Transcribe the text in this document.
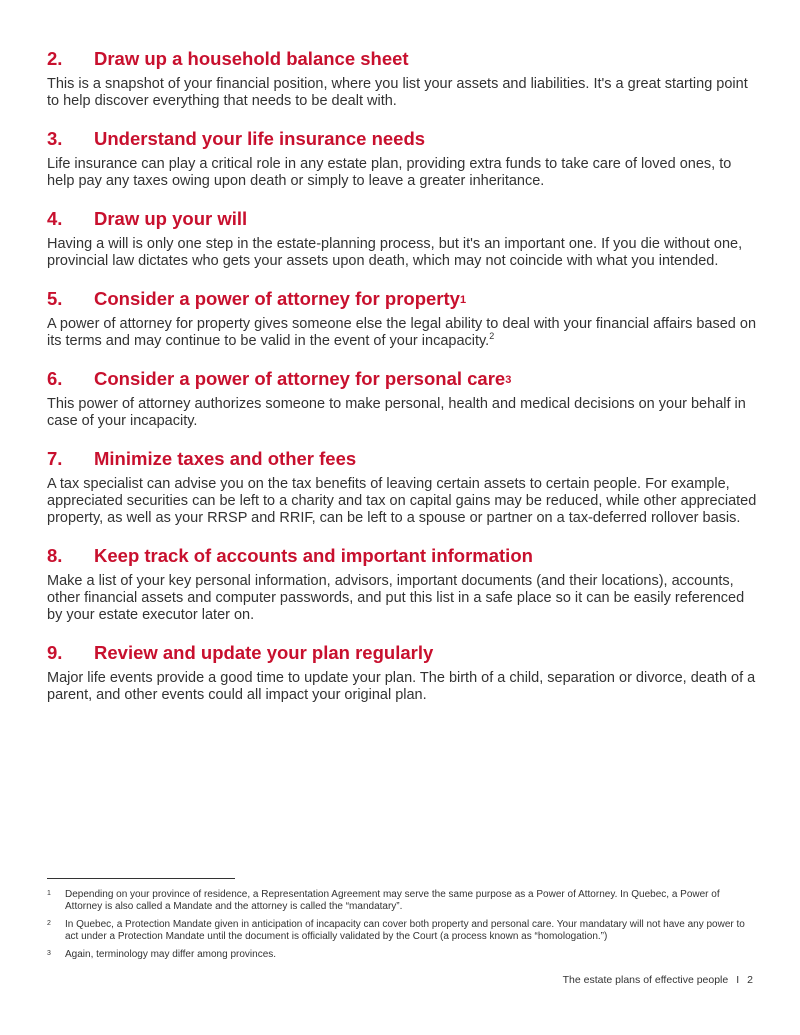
2.	Draw up a household balance sheet

This is a snapshot of your financial position, where you list your assets and liabilities. It's a great starting point to help discover everything that needs to be dealt with.

3.	Understand your life insurance needs

Life insurance can play a critical role in any estate plan, providing extra funds to take care of loved ones, to help pay any taxes owing upon death or simply to leave a greater inheritance.

4.	Draw up your will

Having a will is only one step in the estate-planning process, but it's an important one. If you die without one, provincial law dictates who gets your assets upon death, which may not coincide with what you intended.

5.	Consider a power of attorney for property$^1$

A power of attorney for property gives someone else the legal ability to deal with your financial affairs based on its terms and may continue to be valid in the event of your incapacity.$^2$

6.	Consider a power of attorney for personal care$^3$

This power of attorney authorizes someone to make personal, health and medical decisions on your behalf in case of your incapacity.

7.	Minimize taxes and other fees

A tax specialist can advise you on the tax benefits of leaving certain assets to certain people. For example, appreciated securities can be left to a charity and tax on capital gains may be reduced, while other appreciated property, as well as your RRSP and RRIF, can be left to a spouse or partner on a tax-deferred rollover basis.

8.	Keep track of accounts and important information

Make a list of your key personal information, advisors, important documents (and their locations), accounts, other financial assets and computer passwords, and put this list in a safe place so it can be easily referenced by your estate executor later on.

9.	Review and update your plan regularly

Major life events provide a good time to update your plan. The birth of a child, separation or divorce, death of a parent, and other events could all impact your original plan.

1	Depending on your province of residence, a Representation Agreement may serve the same purpose as a Power of Attorney. In Quebec, a Power of Attorney is also called a Mandate and the attorney is called the “mandatary”.
2	In Quebec, a Protection Mandate given in anticipation of incapacity can cover both property and personal care. Your mandatary will not have any power to act under a Protection Mandate until the document is officially validated by the Court (a process known as “homologation.”)
3	Again, terminology may differ among provinces.
The estate plans of effective people I 2
